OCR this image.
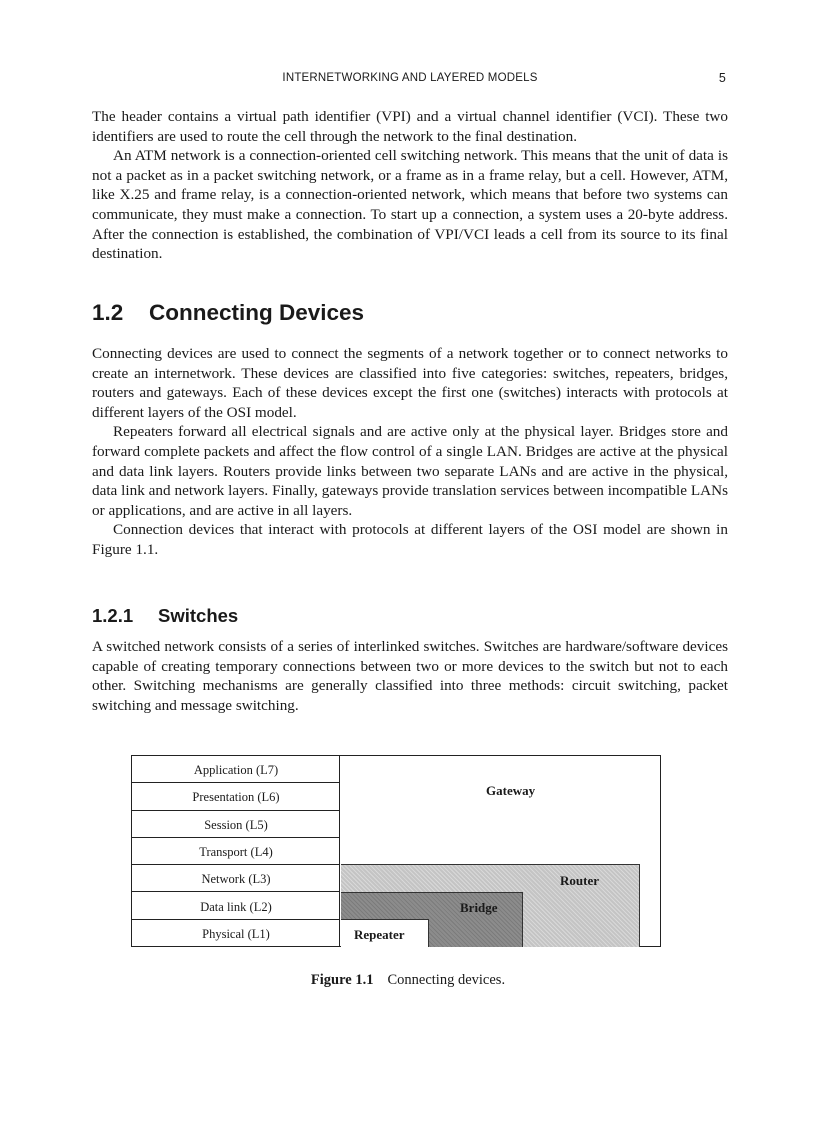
INTERNETWORKING AND LAYERED MODELS	5

The header contains a virtual path identifier (VPI) and a virtual channel identifier (VCI). These two identifiers are used to route the cell through the network to the final destination.

An ATM network is a connection-oriented cell switching network. This means that the unit of data is not a packet as in a packet switching network, or a frame as in a frame relay, but a cell. However, ATM, like X.25 and frame relay, is a connection-oriented network, which means that before two systems can communicate, they must make a connection. To start up a connection, a system uses a 20-byte address. After the connection is established, the combination of VPI/VCI leads a cell from its source to its final destination.

1.2 Connecting Devices

Connecting devices are used to connect the segments of a network together or to connect networks to create an internetwork. These devices are classified into five categories: switches, repeaters, bridges, routers and gateways. Each of these devices except the first one (switches) interacts with protocols at different layers of the OSI model.

Repeaters forward all electrical signals and are active only at the physical layer. Bridges store and forward complete packets and affect the flow control of a single LAN. Bridges are active at the physical and data link layers. Routers provide links between two separate LANs and are active in the physical, data link and network layers. Finally, gateways provide translation services between incompatible LANs or applications, and are active in all layers.

Connection devices that interact with protocols at different layers of the OSI model are shown in Figure 1.1.

1.2.1 Switches

A switched network consists of a series of interlinked switches. Switches are hardware/software devices capable of creating temporary connections between two or more devices to the switch but not to each other. Switching mechanisms are generally classified into three methods: circuit switching, packet switching and message switching.

Application (L7)
Presentation (L6)
Session (L5)
Transport (L4)
Network (L3)
Data link (L2)
Physical (L1)
Gateway
Router
Bridge
Repeater
Figure 1.1 Connecting devices.
